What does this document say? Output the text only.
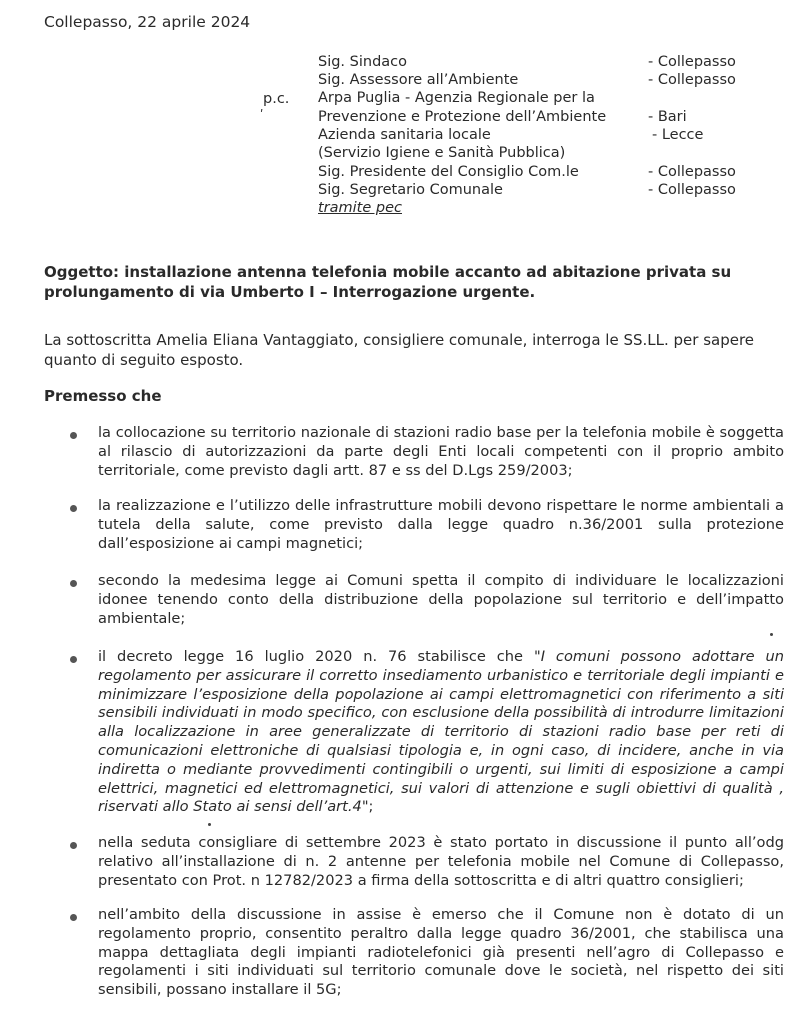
Collepasso, 22 aprile 2024
Sig. Sindaco	- Collepasso
Sig. Assessore all’Ambiente	- Collepasso
Arpa Puglia - Agenzia Regionale per la
Prevenzione e Protezione dell’Ambiente	- Bari
Azienda sanitaria locale	- Lecce
(Servizio Igiene e Sanità Pubblica)
Sig. Presidente del Consiglio Com.le	- Collepasso
Sig. Segretario Comunale	- Collepasso
tramite pec
p.c.
ʹ
Oggetto: installazione antenna telefonia mobile accanto ad abitazione privata su
prolungamento di via Umberto I – Interrogazione urgente.
La sottoscritta Amelia Eliana Vantaggiato, consigliere comunale, interroga le SS.LL. per sapere quanto di seguito esposto.
Premesso che
la collocazione su territorio nazionale di stazioni radio base per la telefonia mobile è soggetta al rilascio di autorizzazioni da parte degli Enti locali competenti con il proprio ambito territoriale, come previsto dagli artt. 87 e ss del D.Lgs 259/2003;
la realizzazione e l’utilizzo delle infrastrutture mobili devono rispettare le norme ambientali a tutela della salute, come previsto dalla legge quadro n.36/2001 sulla protezione dall’esposizione ai campi magnetici;
secondo la medesima legge ai Comuni spetta il compito di individuare le localizzazioni idonee tenendo conto della distribuzione della popolazione sul territorio e dell’impatto ambientale;
il decreto legge 16 luglio 2020 n. 76 stabilisce che "I comuni possono adottare un regolamento per assicurare il corretto insediamento urbanistico e territoriale degli impianti e minimizzare l’esposizione della popolazione ai campi elettromagnetici con riferimento a siti sensibili individuati in modo specifico, con esclusione della possibilità di introdurre limitazioni alla localizzazione in aree generalizzate di territorio di stazioni radio base per reti di comunicazioni elettroniche di qualsiasi tipologia e, in ogni caso, di incidere, anche in via indiretta o mediante provvedimenti contingibili o urgenti, sui limiti di esposizione a campi elettrici, magnetici ed elettromagnetici, sui valori di attenzione e sugli obiettivi di qualità , riservati allo Stato ai sensi dell’art.4";
nella seduta consigliare di settembre 2023 è stato portato in discussione il punto all’odg relativo all’installazione di n. 2 antenne per telefonia mobile nel Comune di Collepasso, presentato con Prot. n 12782/2023 a firma della sottoscritta e di altri quattro consiglieri;
nell’ambito della discussione in assise è emerso che il Comune non è dotato di un regolamento proprio, consentito peraltro dalla legge quadro 36/2001, che stabilisca una mappa dettagliata degli impianti radiotelefonici già presenti nell’agro di Collepasso e regolamenti i siti individuati sul territorio comunale dove le società, nel rispetto dei siti sensibili, possano installare il 5G;
